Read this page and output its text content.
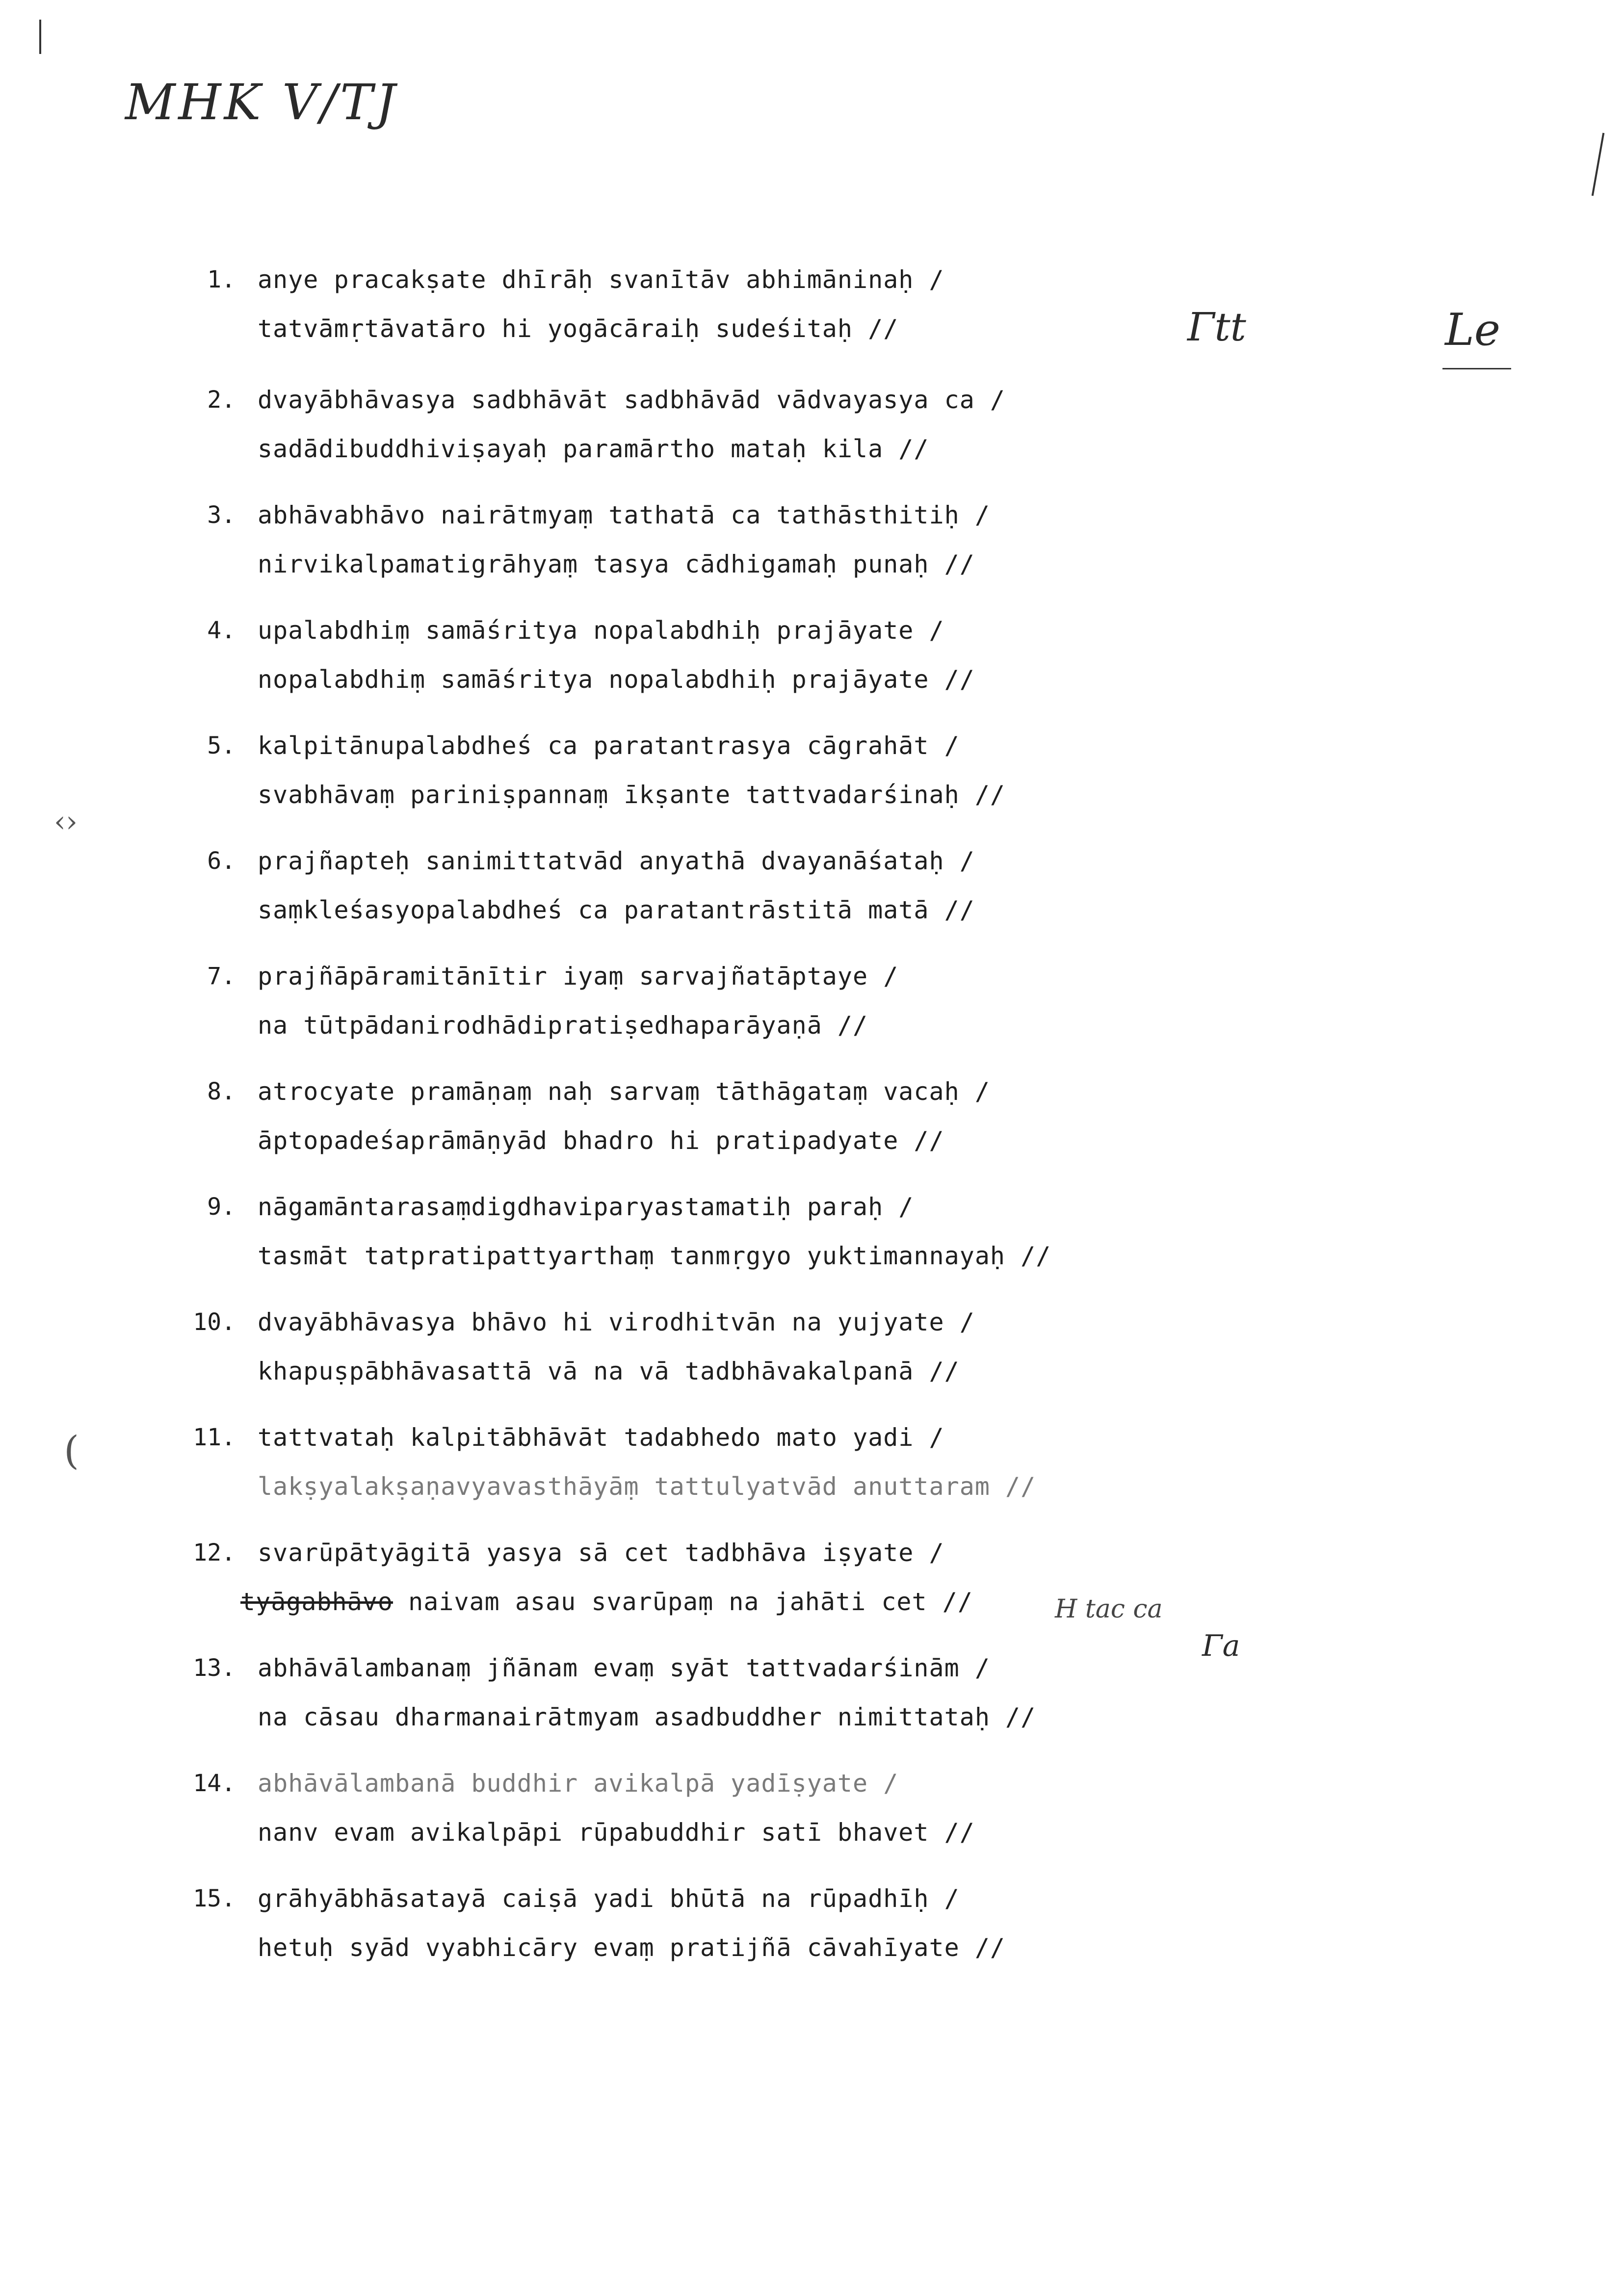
MHK V/TJ
Γtt	Le
H tac ca
Γa
‹›
(
1. anye pracakṣate dhīrāḥ svanītāv abhimāninaḥ /
tatvāmṛtāvatāro hi yogācāraiḥ sudeśitaḥ //
2. dvayābhāvasya sadbhāvāt sadbhāvād vādvayasya ca /
sadādibuddhiviṣayaḥ paramārtho mataḥ kila //
3. abhāvabhāvo nairātmyaṃ tathatā ca tathāsthitiḥ /
nirvikalpamatigrāhyaṃ tasya cādhigamaḥ punaḥ //
4. upalabdhiṃ samāśritya nopalabdhiḥ prajāyate /
nopalabdhiṃ samāśritya nopalabdhiḥ prajāyate //
5. kalpitānupalabdheś ca paratantrasya cāgrahāt /
svabhāvaṃ pariniṣpannaṃ īkṣante tattvadarśinaḥ //
6. prajñapteḥ sanimittatvād anyathā dvayanāśataḥ /
saṃkleśasyopalabdheś ca paratantrāstitā matā //
7. prajñāpāramitānītir iyaṃ sarvajñatāptaye /
na tūtpādanirodhādipratiṣedhaparāyaṇā //
8. atrocyate pramāṇaṃ naḥ sarvaṃ tāthāgataṃ vacaḥ /
āptopadeśaprāmāṇyād bhadro hi pratipadyate //
9. nāgamāntarasaṃdigdhaviparyastamatiḥ paraḥ /
tasmāt tatpratipattyarthaṃ tanmṛgyo yuktimannayaḥ //
10. dvayābhāvasya bhāvo hi virodhitvān na yujyate /
khapuṣpābhāvasattā vā na vā tadbhāvakalpanā //
11. tattvataḥ kalpitābhāvāt tadabhedo mato yadi /
lakṣyalakṣaṇavyavasthāyāṃ tattulyatvād anuttaram //
12. svarūpātyāgitā yasya sā cet tadbhāva iṣyate /
tyāgabhāvo naivam asau svarūpaṃ na jahāti cet //
13. abhāvālambanaṃ jñānam evaṃ syāt tattvadarśinām /
na cāsau dharmanairātmyam asadbuddher nimittataḥ //
14. abhāvālambanā buddhir avikalpā yadīṣyate /
nanv evam avikalpāpi rūpabuddhir satī bhavet //
15. grāhyābhāsatayā caiṣā yadi bhūtā na rūpadhīḥ /
hetuḥ syād vyabhicāry evaṃ pratijñā cāvahīyate //
